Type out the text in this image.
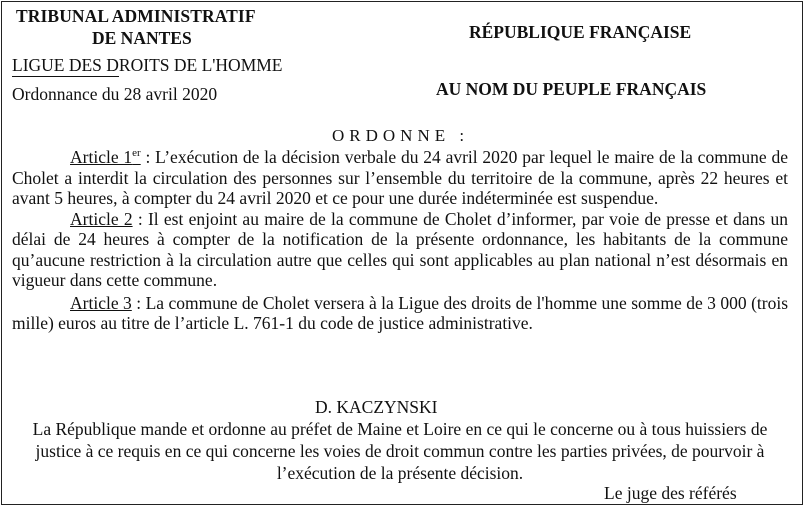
TRIBUNAL ADMINISTRATIF
DE NANTES
LIGUE DES DROITS DE L'HOMME
Ordonnance du 28 avril 2020
RÉPUBLIQUE FRANÇAISE
AU NOM DU PEUPLE FRANÇAIS
ORDONNE :

Article 1er : L’exécution de la décision verbale du 24 avril 2020 par lequel le maire de la commune de Cholet a interdit la circulation des personnes sur l’ensemble du territoire de la commune, après 22 heures et avant 5 heures, à compter du 24 avril 2020 et ce pour une durée indéterminée est suspendue.

Article 2 : Il est enjoint au maire de la commune de Cholet d’informer, par voie de presse et dans un délai de 24 heures à compter de la notification de la présente ordonnance, les habitants de la commune qu’aucune restriction à la circulation autre que celles qui sont applicables au plan national n’est désormais en vigueur dans cette commune.

Article 3 : La commune de Cholet versera à la Ligue des droits de l'homme une somme de 3 000 (trois mille) euros au titre de l’article L. 761-1 du code de justice administrative.

D. KACZYNSKI
La République mande et ordonne au préfet de Maine et Loire en ce qui le concerne ou à tous huissiers de justice à ce requis en ce qui concerne les voies de droit commun contre les parties privées, de pourvoir à l’exécution de la présente décision.
Le juge des référés
